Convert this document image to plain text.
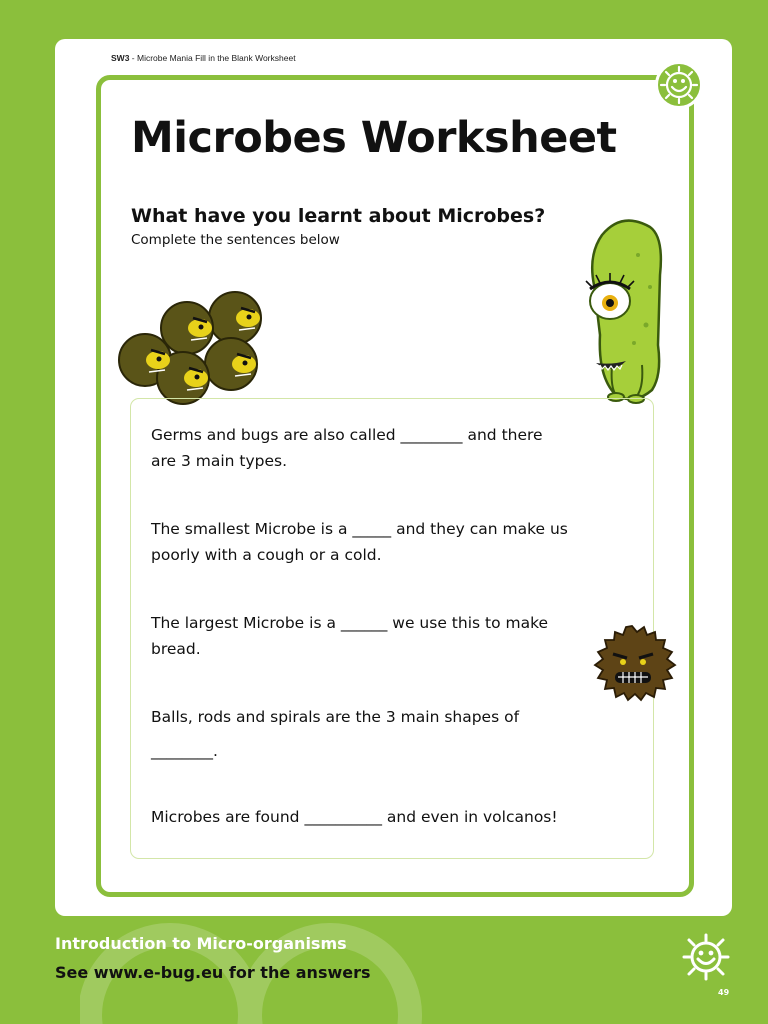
SW3 - Microbe Mania Fill in the Blank Worksheet
Microbes Worksheet
What have you learnt about Microbes?
Complete the sentences below
Germs and bugs are also called ________ and there
are 3 main types.
The smallest Microbe is a _____ and they can make us
poorly with a cough or a cold.
The largest Microbe is a ______ we use this to make
bread.
Balls, rods and spirals are the 3 main shapes of
________.
Microbes are found __________ and even in volcanos!
Introduction to Micro-organisms
See www.e-bug.eu for the answers
49
